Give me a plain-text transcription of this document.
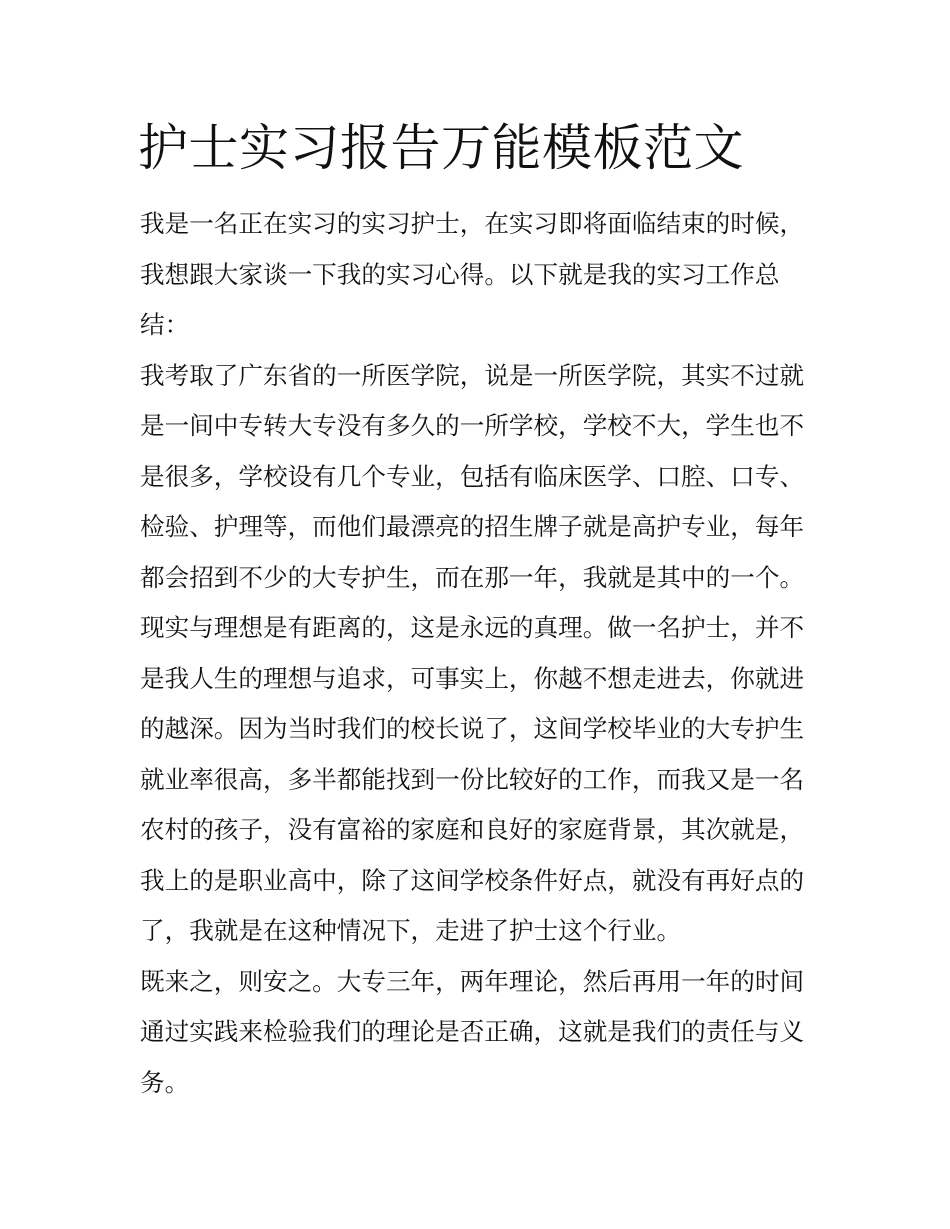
护士实习报告万能模板范文
我是一名正在实习的实习护士，在实习即将面临结束的时候，
我想跟大家谈一下我的实习心得。以下就是我的实习工作总
结：
我考取了广东省的一所医学院，说是一所医学院，其实不过就
是一间中专转大专没有多久的一所学校，学校不大，学生也不
是很多，学校设有几个专业，包括有临床医学、口腔、口专、
检验、护理等，而他们最漂亮的招生牌子就是高护专业，每年
都会招到不少的大专护生，而在那一年，我就是其中的一个。
现实与理想是有距离的，这是永远的真理。做一名护士，并不
是我人生的理想与追求，可事实上，你越不想走进去，你就进
的越深。因为当时我们的校长说了，这间学校毕业的大专护生
就业率很高，多半都能找到一份比较好的工作，而我又是一名
农村的孩子，没有富裕的家庭和良好的家庭背景，其次就是，
我上的是职业高中，除了这间学校条件好点，就没有再好点的
了，我就是在这种情况下，走进了护士这个行业。
既来之，则安之。大专三年，两年理论，然后再用一年的时间
通过实践来检验我们的理论是否正确，这就是我们的责任与义
务。
